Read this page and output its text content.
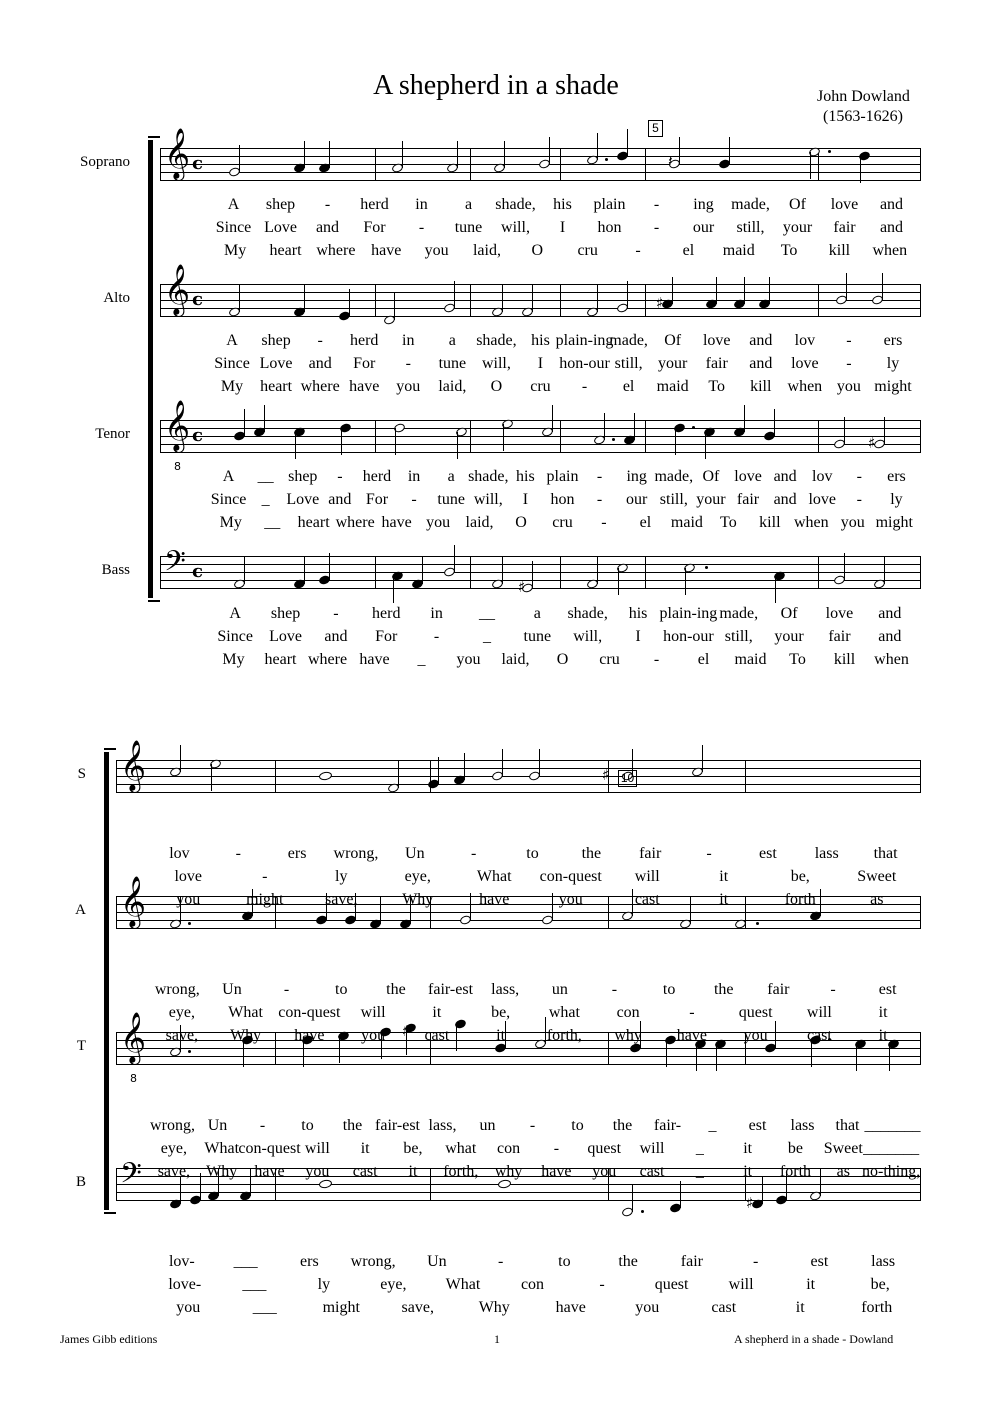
A shepherd in a shade	John Dowland
(1563-1626)
Soprano 𝄞 c	𝄽
Alto 𝄞 c	♯
Tenor 𝄞
8
c	♯
Bass 𝄢 c
♯
5
A shep - herd in a shade, his plain - ing made, Of love and
Since Love and For - tune will, I hon - our still, your fair and
My heart where have you laid, O cru -	el maid To kill when
A shep - herd in a shade, his plain-ing
made, Of love and lov - ers
Since Love and For - tune will, I hon-our still, your fair and love - ly
My heart where have you laid, O cru - el maid To kill when you might
A __ shep - herd in a shade, his plain - ing made, Of love and lov - ers
Since _ Love and For - tune will, I hon - our still, your fair and love - ly
My __ heart where have you laid, O cru - el maid To kill when you might
A shep - herd in __ a shade, his plain-ing made, Of love and
Since Love and For -	_ tune will, I hon-our still, your fair and
My heart where have _ you laid, O cru - el maid To kill when
S 𝄞	♯
A 𝄞
T 𝄞
8
♯
B 𝄢
♯
10
lov	-	ers wrong, Un	-	to	the fair	-	est lass that
love	-	ly	eye,	What con-quest will	it	be,	Sweet
you	might	save,	Why	have	you	cast	it	forth	as
wrong, Un	-	to the fair-est lass, un	-	to the fair	-	est
eye, What con-quest will	it	be, what con	-	quest will	it
save, Why have you cast	it	forth, why have you cast	it
wrong, Un - to the fair-est lass, un - to the fair- _ est lass that _______
eye, What con-quest will it be, what con - quest will _ it be Sweet _______
save, Why have you cast it forth, why have you cast _ it forth as no-thing,
lov- ___	ers wrong, Un	-	to	the	fair	-	est	lass
love-	___	ly	eye, What	con	-	quest	will	it	be,
you	___	might	save,	Why	have	you	cast	it	forth
James Gibb editions	1	A shepherd in a shade - Dowland
